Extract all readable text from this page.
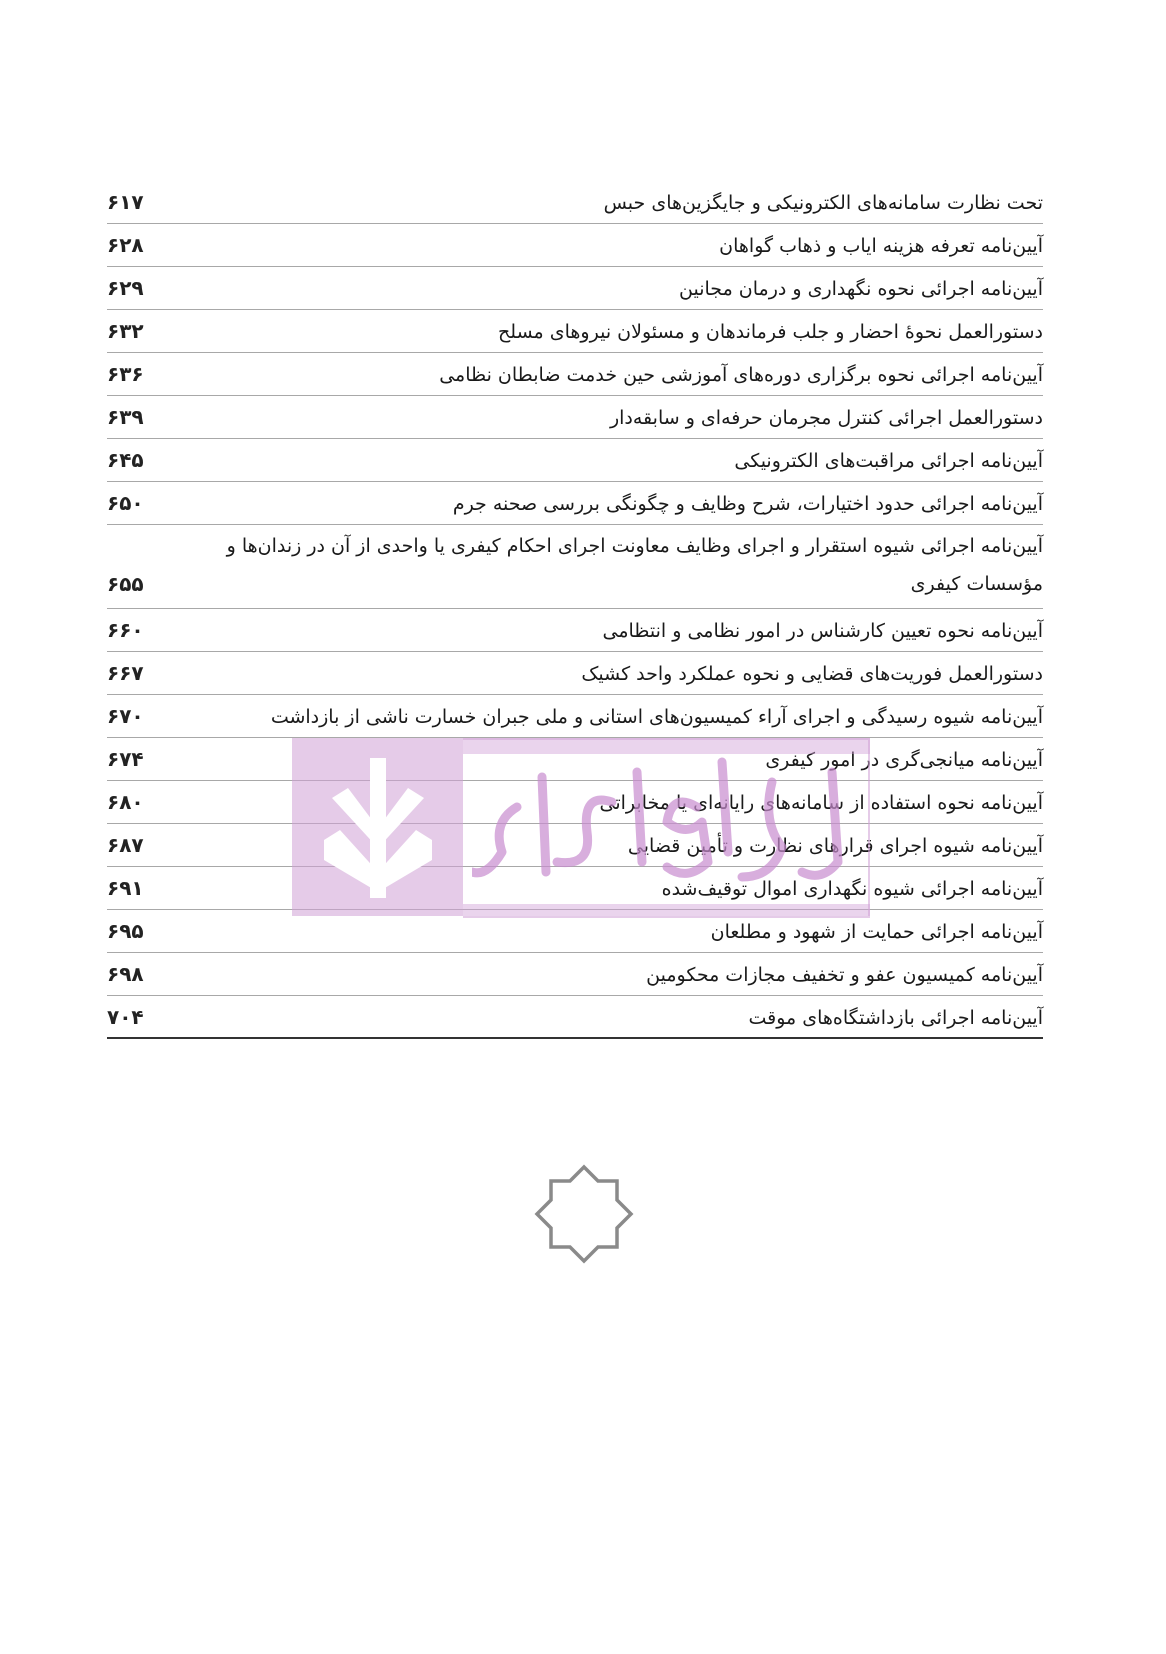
تحت نظارت سامانه‌های الکترونیکی و جایگزین‌های حبس
۶۱۷
آیین‌نامه تعرفه هزینه ایاب و ذهاب گواهان
۶۲۸
آیین‌نامه اجرائی نحوه نگهداری و درمان مجانین
۶۲۹
دستورالعمل نحوهٔ احضار و جلب فرماندهان و مسئولان نیروهای مسلح
۶۳۲
آیین‌نامه اجرائی نحوه برگزاری دوره‌های آموزشی حین خدمت ضابطان نظامی
۶۳۶
دستورالعمل اجرائی کنترل مجرمان حرفه‌ای و سابقه‌دار
۶۳۹
آیین‌نامه اجرائی مراقبت‌های الکترونیکی
۶۴۵
آیین‌نامه اجرائی حدود اختیارات، شرح وظایف و چگونگی بررسی صحنه جرم
۶۵۰
آیین‌نامه اجرائی شیوه استقرار و اجرای وظایف معاونت اجرای احکام کیفری یا واحدی از آن در زندان‌ها و مؤسسات کیفری
۶۵۵
آیین‌نامه نحوه تعیین کارشناس در امور نظامی و انتظامی
۶۶۰
دستورالعمل فوریت‌های قضایی و نحوه عملکرد واحد کشیک
۶۶۷
آیین‌نامه شیوه رسیدگی و اجرای آراء کمیسیون‌های استانی و ملی جبران خسارت ناشی از بازداشت
۶۷۰
آیین‌نامه میانجی‌گری در امور کیفری
۶۷۴
آیین‌نامه نحوه استفاده از سامانه‌های رایانه‌ای یا مخابراتی
۶۸۰
آیین‌نامه شیوه اجرای قرارهای نظارت و تأمین قضایی
۶۸۷
آیین‌نامه اجرائی شیوه نگهداری اموال توقیف‌شده
۶۹۱
آیین‌نامه اجرائی حمایت از شهود و مطلعان
۶۹۵
آیین‌نامه کمیسیون عفو و تخفیف مجازات محکومین
۶۹۸
آیین‌نامه اجرائی بازداشتگاه‌های موقت
۷۰۴
